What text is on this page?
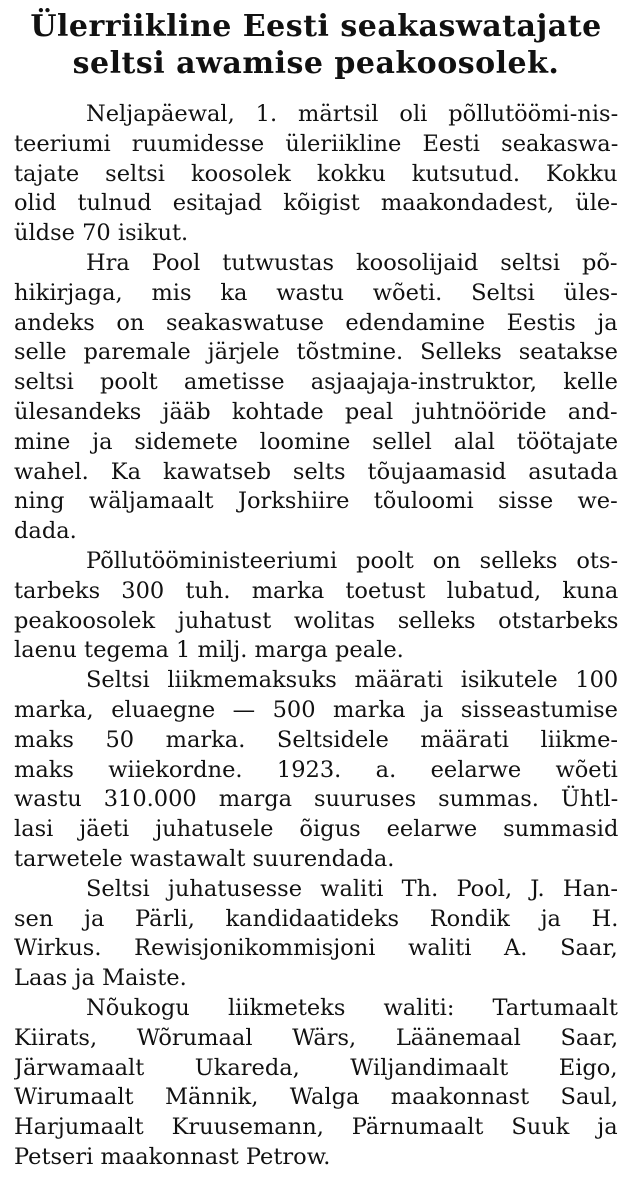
Ülerriikline Eesti seakaswatajate
seltsi awamise peakoosolek.

Neljapäewal, 1. märtsil oli põllutöömi-nis-
teeriumi ruumidesse üleriikline Eesti seakaswa-
tajate seltsi koosolek kokku kutsutud. Kokku
olid tulnud esitajad kõigist maakondadest, üle-
üldse 70 isikut.

Hra Pool tutwustas koosolijaid seltsi põ-
hikirjaga, mis ka wastu wõeti. Seltsi üles-
andeks on seakaswatuse edendamine Eestis ja
selle paremale järjele tõstmine. Selleks seatakse
seltsi poolt ametisse asjaajaja-instruktor, kelle
ülesandeks jääb kohtade peal juhtnööride and-
mine ja sidemete loomine sellel alal töötajate
wahel. Ka kawatseb selts tõujaamasid asutada
ning wäljamaalt Jorkshiire tõuloomi sisse we-
dada.

Põllutööministeeriumi poolt on selleks ots-
tarbeks 300 tuh. marka toetust lubatud, kuna
peakoosolek juhatust wolitas selleks otstarbeks
laenu tegema 1 milj. marga peale.

Seltsi liikmemaksuks määrati isikutele 100
marka, eluaegne — 500 marka ja sisseastumise
maks 50 marka. Seltsidele määrati liikme-
maks wiiekordne. 1923. a. eelarwe wõeti
wastu 310.000 marga suuruses summas. Ühtl-
lasi jäeti juhatusele õigus eelarwe summasid
tarwetele wastawalt suurendada.

Seltsi juhatusesse waliti Th. Pool, J. Han-
sen ja Pärli, kandidaatideks Rondik ja H.
Wirkus. Rewisjonikommisjoni waliti A. Saar,
Laas ja Maiste.

Nõukogu liikmeteks waliti: Tartumaalt
Kiirats, Wõrumaal Wärs, Läänemaal Saar,
Järwamaalt Ukareda, Wiljandimaalt Eigo,
Wirumaalt Männik, Walga maakonnast Saul,
Harjumaalt Kruusemann, Pärnumaalt Suuk ja
Petseri maakonnast Petrow.
